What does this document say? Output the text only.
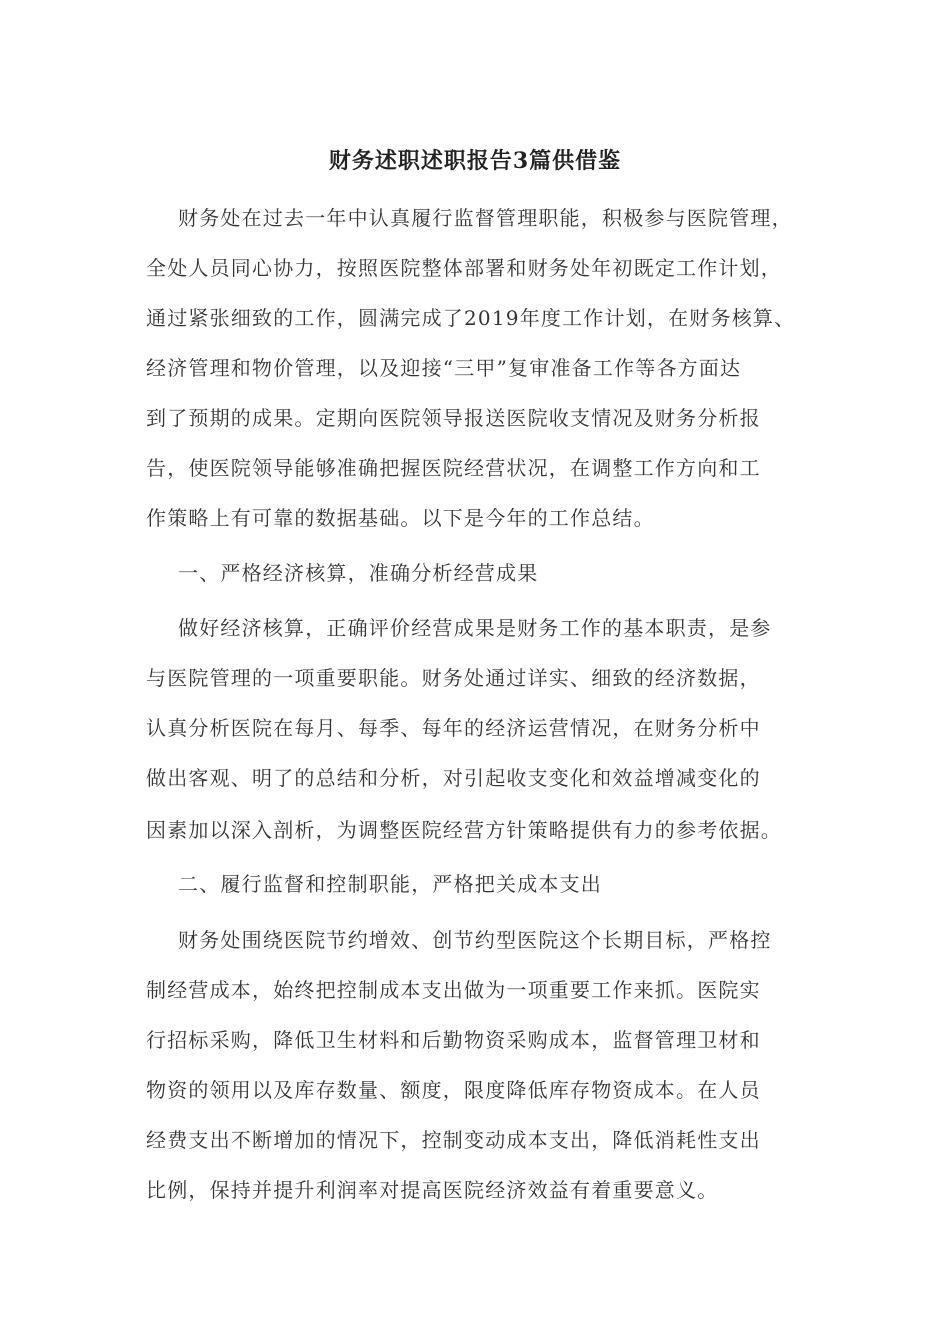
财务述职述职报告3篇供借鉴
财务处在过去一年中认真履行监督管理职能，积极参与医院管理，
全处人员同心协力，按照医院整体部署和财务处年初既定工作计划，
通过紧张细致的工作，圆满完成了2019年度工作计划，在财务核算、
经济管理和物价管理，以及迎接“三甲”复审准备工作等各方面达
到了预期的成果。定期向医院领导报送医院收支情况及财务分析报
告，使医院领导能够准确把握医院经营状况，在调整工作方向和工
作策略上有可靠的数据基础。以下是今年的工作总结。
一、严格经济核算，准确分析经营成果
做好经济核算，正确评价经营成果是财务工作的基本职责，是参
与医院管理的一项重要职能。财务处通过详实、细致的经济数据，
认真分析医院在每月、每季、每年的经济运营情况，在财务分析中
做出客观、明了的总结和分析，对引起收支变化和效益增减变化的
因素加以深入剖析，为调整医院经营方针策略提供有力的参考依据。
二、履行监督和控制职能，严格把关成本支出
财务处围绕医院节约增效、创节约型医院这个长期目标，严格控
制经营成本，始终把控制成本支出做为一项重要工作来抓。医院实
行招标采购，降低卫生材料和后勤物资采购成本，监督管理卫材和
物资的领用以及库存数量、额度，限度降低库存物资成本。在人员
经费支出不断增加的情况下，控制变动成本支出，降低消耗性支出
比例，保持并提升利润率对提高医院经济效益有着重要意义。
